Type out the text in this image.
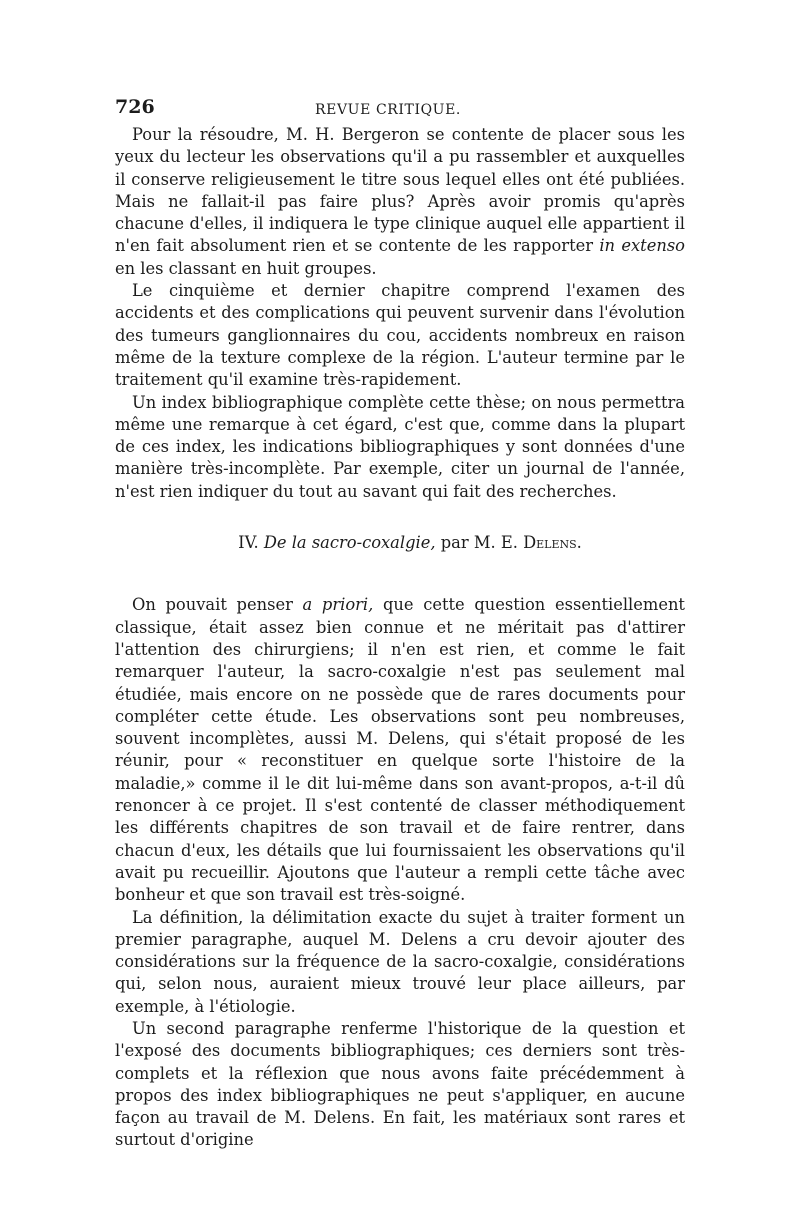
726	REVUE CRITIQUE.

Pour la résoudre, M. H. Bergeron se contente de placer sous les yeux du lecteur les observations qu'il a pu rassembler et auxquelles il conserve religieusement le titre sous lequel elles ont été publiées. Mais ne fallait-il pas faire plus? Après avoir promis qu'après chacune d'elles, il indiquera le type clinique auquel elle appartient il n'en fait absolument rien et se contente de les rapporter in extenso en les classant en huit groupes.

Le cinquième et dernier chapitre comprend l'examen des accidents et des complications qui peuvent survenir dans l'évolution des tumeurs ganglionnaires du cou, accidents nombreux en raison même de la texture complexe de la région. L'auteur termine par le traitement qu'il examine très-rapidement.

Un index bibliographique complète cette thèse; on nous permettra même une remarque à cet égard, c'est que, comme dans la plupart de ces index, les indications bibliographiques y sont données d'une manière très-incomplète. Par exemple, citer un journal de l'année, n'est rien indiquer du tout au savant qui fait des recherches.

IV. De la sacro-coxalgie, par M. E. Delens.

On pouvait penser a priori, que cette question essentiellement classique, était assez bien connue et ne méritait pas d'attirer l'attention des chirurgiens; il n'en est rien, et comme le fait remarquer l'auteur, la sacro-coxalgie n'est pas seulement mal étudiée, mais encore on ne possède que de rares documents pour compléter cette étude. Les observations sont peu nombreuses, souvent incomplètes, aussi M. Delens, qui s'était proposé de les réunir, pour « reconstituer en quelque sorte l'histoire de la maladie,» comme il le dit lui-même dans son avant-propos, a-t-il dû renoncer à ce projet. Il s'est contenté de classer méthodiquement les différents chapitres de son travail et de faire rentrer, dans chacun d'eux, les détails que lui fournissaient les observations qu'il avait pu recueillir. Ajoutons que l'auteur a rempli cette tâche avec bonheur et que son travail est très-soigné.

La définition, la délimitation exacte du sujet à traiter forment un premier paragraphe, auquel M. Delens a cru devoir ajouter des considérations sur la fréquence de la sacro-coxalgie, considérations qui, selon nous, auraient mieux trouvé leur place ailleurs, par exemple, à l'étiologie.

Un second paragraphe renferme l'historique de la question et l'exposé des documents bibliographiques; ces derniers sont très-complets et la réflexion que nous avons faite précédemment à propos des index bibliographiques ne peut s'appliquer, en aucune façon au travail de M. Delens. En fait, les matériaux sont rares et surtout d'origine
